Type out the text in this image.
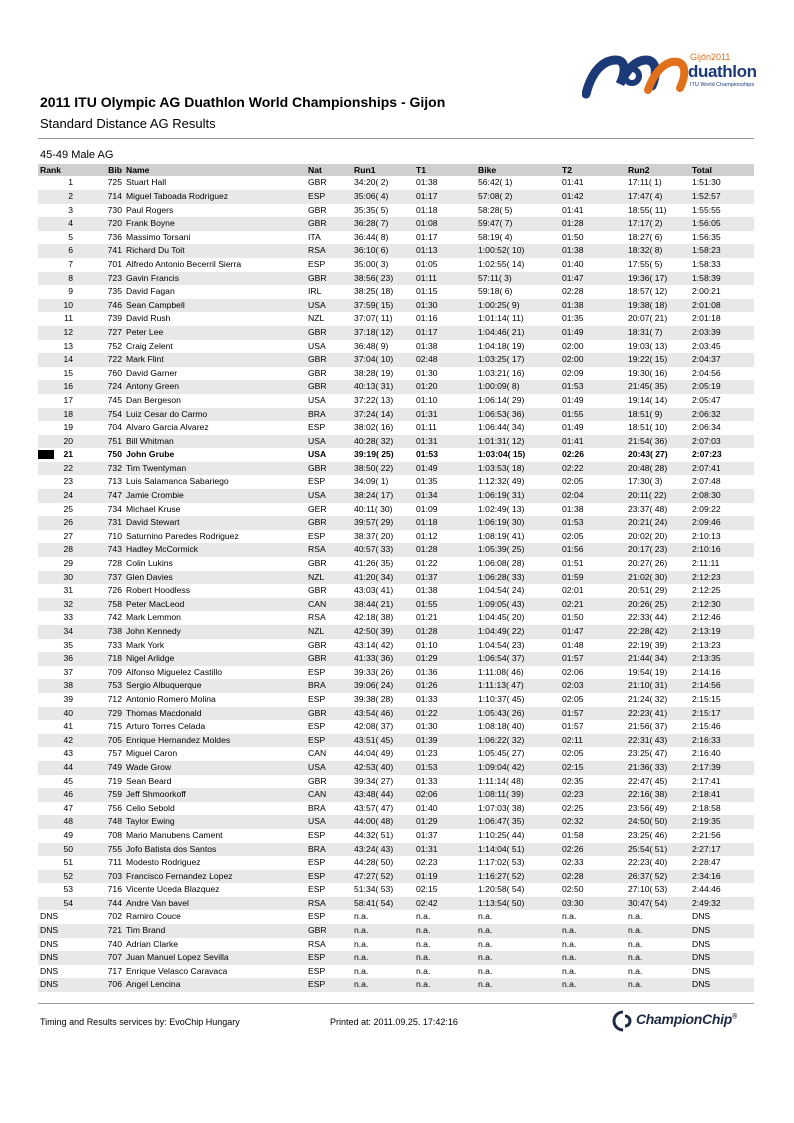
Gijón2011
duathlon
ITU World Championships
2011 ITU Olympic AG Duathlon World Championships - Gijon
Standard Distance AG Results
45-49 Male AG
Rank	Bib	Name	Nat	Run1	T1	Bike	T2	Run2	Total
1	725	Stuart Hall	GBR	34:20( 2)	01:38	56:42( 1)	01:41	17:11( 1)	1:51:30
2	714	Miguel Taboada Rodriguez	ESP	35:06( 4)	01:17	57:08( 2)	01:42	17:47( 4)	1:52:57
3	730	Paul Rogers	GBR	35:35( 5)	01:18	58:28( 5)	01:41	18:55( 11)	1:55:55
4	720	Frank Boyne	GBR	36:28( 7)	01:08	59:47( 7)	01:28	17:17( 2)	1:56:05
5	736	Massimo Torsani	ITA	36:44( 8)	01:17	58:19( 4)	01:50	18:27( 6)	1:56:35
6	741	Richard Du Toit	RSA	36:10( 6)	01:13	1:00:52( 10)	01:38	18:32( 8)	1:58:23
7	701	Alfredo Antonio Becerril Sierra	ESP	35:00( 3)	01:05	1:02:55( 14)	01:40	17:55( 5)	1:58:33
8	723	Gavin Francis	GBR	38:56( 23)	01:11	57:11( 3)	01:47	19:36( 17)	1:58:39
9	735	David Fagan	IRL	38:25( 18)	01:15	59:18( 6)	02:28	18:57( 12)	2:00:21
10	746	Sean Campbell	USA	37:59( 15)	01:30	1:00:25( 9)	01:38	19:38( 18)	2:01:08
11	739	David Rush	NZL	37:07( 11)	01:16	1:01:14( 11)	01:35	20:07( 21)	2:01:18
12	727	Peter Lee	GBR	37:18( 12)	01:17	1:04:46( 21)	01:49	18:31( 7)	2:03:39
13	752	Craig Zelent	USA	36:48( 9)	01:38	1:04:18( 19)	02:00	19:03( 13)	2:03:45
14	722	Mark Flint	GBR	37:04( 10)	02:48	1:03:25( 17)	02:00	19:22( 15)	2:04:37
15	760	David Garner	GBR	38:28( 19)	01:30	1:03:21( 16)	02:09	19:30( 16)	2:04:56
16	724	Antony Green	GBR	40:13( 31)	01:20	1:00:09( 8)	01:53	21:45( 35)	2:05:19
17	745	Dan Bergeson	USA	37:22( 13)	01:10	1:06:14( 29)	01:49	19:14( 14)	2:05:47
18	754	Luiz Cesar do Carmo	BRA	37:24( 14)	01:31	1:06:53( 36)	01:55	18:51( 9)	2:06:32
19	704	Alvaro Garcia Alvarez	ESP	38:02( 16)	01:11	1:06:44( 34)	01:49	18:51( 10)	2:06:34
20	751	Bill Whitman	USA	40:28( 32)	01:31	1:01:31( 12)	01:41	21:54( 36)	2:07:03

21	750	John Grube	USA	39:19( 25)	01:53	1:03:04( 15)	02:26	20:43( 27)	2:07:23
22	732	Tim Twentyman	GBR	38:50( 22)	01:49	1:03:53( 18)	02:22	20:48( 28)	2:07:41
23	713	Luis Salamanca Sabariego	ESP	34:09( 1)	01:35	1:12:32( 49)	02:05	17:30( 3)	2:07:48
24	747	Jamie Crombie	USA	38:24( 17)	01:34	1:06:19( 31)	02:04	20:11( 22)	2:08:30
25	734	Michael Kruse	GER	40:11( 30)	01:09	1:02:49( 13)	01:38	23:37( 48)	2:09:22
26	731	David Stewart	GBR	39:57( 29)	01:18	1:06:19( 30)	01:53	20:21( 24)	2:09:46
27	710	Saturnino Paredes Rodriguez	ESP	38:37( 20)	01:12	1:08:19( 41)	02:05	20:02( 20)	2:10:13
28	743	Hadley McCormick	RSA	40:57( 33)	01:28	1:05:39( 25)	01:56	20:17( 23)	2:10:16
29	728	Colin Lukins	GBR	41:26( 35)	01:22	1:06:08( 28)	01:51	20:27( 26)	2:11:11
30	737	Glen Davies	NZL	41:20( 34)	01:37	1:06:28( 33)	01:59	21:02( 30)	2:12:23
31	726	Robert Hoodless	GBR	43:03( 41)	01:38	1:04:54( 24)	02:01	20:51( 29)	2:12:25
32	758	Peter MacLeod	CAN	38:44( 21)	01:55	1:09:05( 43)	02:21	20:26( 25)	2:12:30
33	742	Mark Lemmon	RSA	42:18( 38)	01:21	1:04:45( 20)	01:50	22:33( 44)	2:12:46
34	738	John Kennedy	NZL	42:50( 39)	01:28	1:04:49( 22)	01:47	22:28( 42)	2:13:19
35	733	Mark York	GBR	43:14( 42)	01:10	1:04:54( 23)	01:48	22:19( 39)	2:13:23
36	718	Nigel Arlidge	GBR	41:33( 36)	01:29	1:06:54( 37)	01:57	21:44( 34)	2:13:35
37	709	Alfonso Miguelez Castillo	ESP	39:33( 26)	01:36	1:11:08( 46)	02:06	19:54( 19)	2:14:16
38	753	Sergio Albuquerque	BRA	39:06( 24)	01:26	1:11:13( 47)	02:03	21:10( 31)	2:14:56
39	712	Antonio Romero Molina	ESP	39:38( 28)	01:33	1:10:37( 45)	02:05	21:24( 32)	2:15:15
40	729	Thomas Macdonald	GBR	43:54( 46)	01:22	1:05:43( 26)	01:57	22:23( 41)	2:15:17
41	715	Arturo Torres Celada	ESP	42:08( 37)	01:30	1:08:18( 40)	01:57	21:56( 37)	2:15:46
42	705	Enrique Hernandez Moldes	ESP	43:51( 45)	01:39	1:06:22( 32)	02:11	22:31( 43)	2:16:33
43	757	Miguel Caron	CAN	44:04( 49)	01:23	1:05:45( 27)	02:05	23:25( 47)	2:16:40
44	749	Wade Grow	USA	42:53( 40)	01:53	1:09:04( 42)	02:15	21:36( 33)	2:17:39
45	719	Sean Beard	GBR	39:34( 27)	01:33	1:11:14( 48)	02:35	22:47( 45)	2:17:41
46	759	Jeff Shmoorkoff	CAN	43:48( 44)	02:06	1:08:11( 39)	02:23	22:16( 38)	2:18:41
47	756	Celio Sebold	BRA	43:57( 47)	01:40	1:07:03( 38)	02:25	23:56( 49)	2:18:58
48	748	Taylor Ewing	USA	44:00( 48)	01:29	1:06:47( 35)	02:32	24:50( 50)	2:19:35
49	708	Mario Manubens Cament	ESP	44:32( 51)	01:37	1:10:25( 44)	01:58	23:25( 46)	2:21:56
50	755	Jofo Batista dos Santos	BRA	43:24( 43)	01:31	1:14:04( 51)	02:26	25:54( 51)	2:27:17
51	711	Modesto Rodriguez	ESP	44:28( 50)	02:23	1:17:02( 53)	02:33	22:23( 40)	2:28:47
52	703	Francisco Fernandez Lopez	ESP	47:27( 52)	01:19	1:16:27( 52)	02:28	26:37( 52)	2:34:16
53	716	Vicente Uceda Blazquez	ESP	51:34( 53)	02:15	1:20:58( 54)	02:50	27:10( 53)	2:44:46
54	744	Andre Van bavel	RSA	58:41( 54)	02:42	1:13:54( 50)	03:30	30:47( 54)	2:49:32
DNS	702	Ramiro Couce	ESP	n.a.	n.a.	n.a.	n.a.	n.a.	DNS
DNS	721	Tim Brand	GBR	n.a.	n.a.	n.a.	n.a.	n.a.	DNS
DNS	740	Adrian Clarke	RSA	n.a.	n.a.	n.a.	n.a.	n.a.	DNS
DNS	707	Juan Manuel Lopez Sevilla	ESP	n.a.	n.a.	n.a.	n.a.	n.a.	DNS
DNS	717	Enrique Velasco Caravaca	ESP	n.a.	n.a.	n.a.	n.a.	n.a.	DNS
DNS	706	Angel Lencina	ESP	n.a.	n.a.	n.a.	n.a.	n.a.	DNS
Timing and Results services by: EvoChip Hungary	Printed at: 2011.09.25. 17:42:16	ChampionChip®
